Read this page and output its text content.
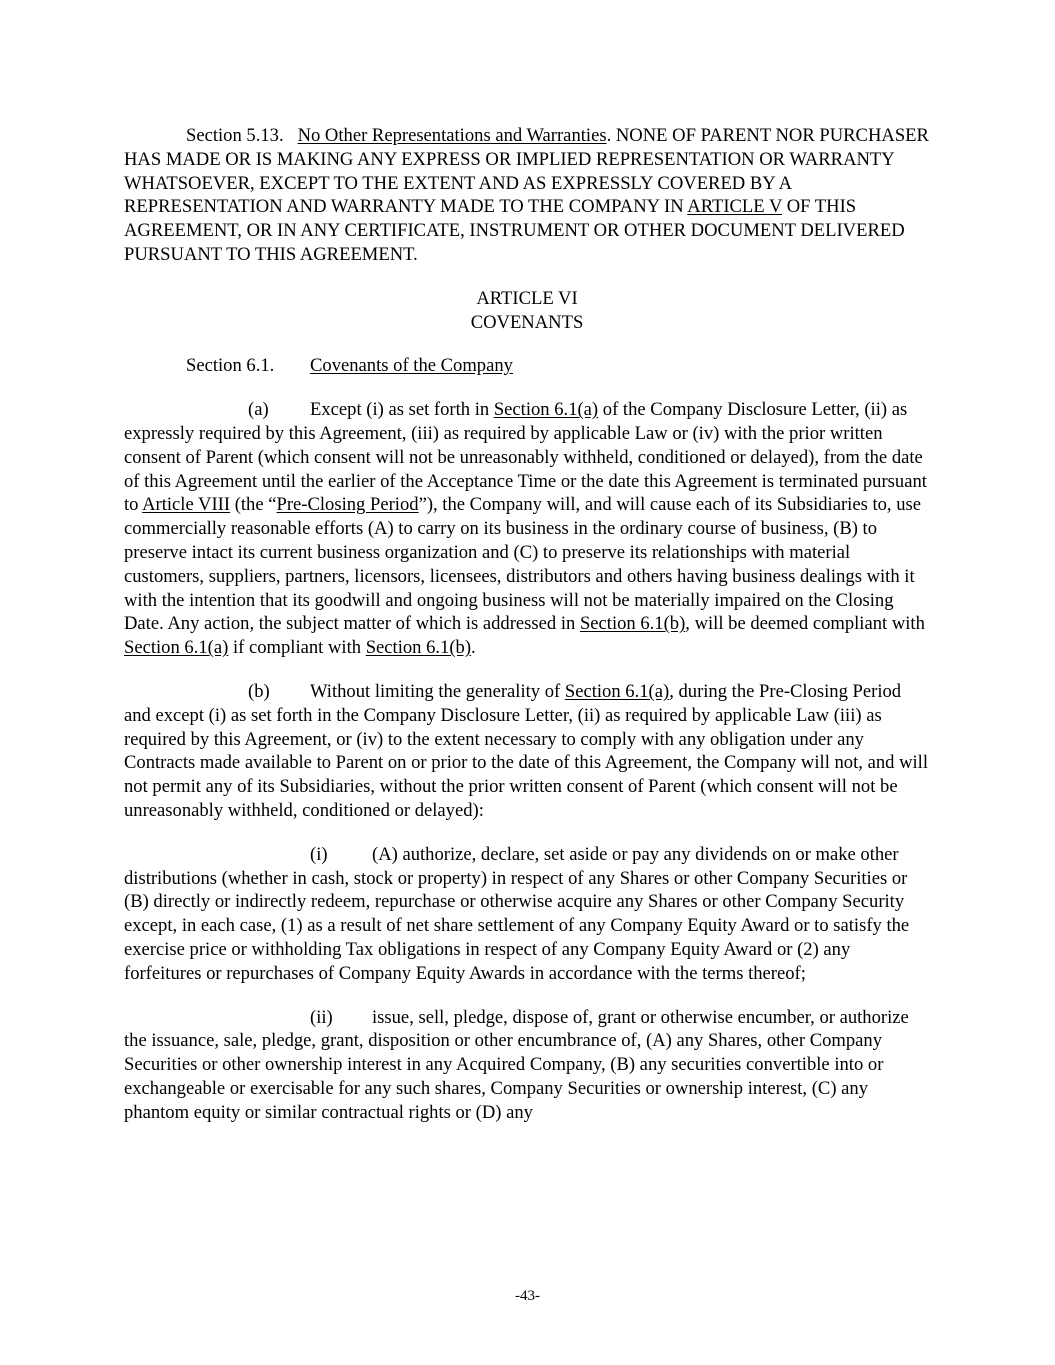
Section 5.13. No Other Representations and Warranties. NONE OF PARENT NOR PURCHASER HAS MADE OR IS MAKING ANY EXPRESS OR IMPLIED REPRESENTATION OR WARRANTY WHATSOEVER, EXCEPT TO THE EXTENT AND AS EXPRESSLY COVERED BY A REPRESENTATION AND WARRANTY MADE TO THE COMPANY IN ARTICLE V OF THIS AGREEMENT, OR IN ANY CERTIFICATE, INSTRUMENT OR OTHER DOCUMENT DELIVERED PURSUANT TO THIS AGREEMENT.

ARTICLE VI

COVENANTS

Section 6.1. Covenants of the Company

(a) Except (i) as set forth in Section 6.1(a) of the Company Disclosure Letter, (ii) as expressly required by this Agreement, (iii) as required by applicable Law or (iv) with the prior written consent of Parent (which consent will not be unreasonably withheld, conditioned or delayed), from the date of this Agreement until the earlier of the Acceptance Time or the date this Agreement is terminated pursuant to Article VIII (the “Pre-Closing Period”), the Company will, and will cause each of its Subsidiaries to, use commercially reasonable efforts (A) to carry on its business in the ordinary course of business, (B) to preserve intact its current business organization and (C) to preserve its relationships with material customers, suppliers, partners, licensors, licensees, distributors and others having business dealings with it with the intention that its goodwill and ongoing business will not be materially impaired on the Closing Date. Any action, the subject matter of which is addressed in Section 6.1(b), will be deemed compliant with Section 6.1(a) if compliant with Section 6.1(b).

(b) Without limiting the generality of Section 6.1(a), during the Pre-Closing Period and except (i) as set forth in the Company Disclosure Letter, (ii) as required by applicable Law (iii) as required by this Agreement, or (iv) to the extent necessary to comply with any obligation under any Contracts made available to Parent on or prior to the date of this Agreement, the Company will not, and will not permit any of its Subsidiaries, without the prior written consent of Parent (which consent will not be unreasonably withheld, conditioned or delayed):

(i) (A) authorize, declare, set aside or pay any dividends on or make other distributions (whether in cash, stock or property) in respect of any Shares or other Company Securities or (B) directly or indirectly redeem, repurchase or otherwise acquire any Shares or other Company Security except, in each case, (1) as a result of net share settlement of any Company Equity Award or to satisfy the exercise price or withholding Tax obligations in respect of any Company Equity Award or (2) any forfeitures or repurchases of Company Equity Awards in accordance with the terms thereof;

(ii) issue, sell, pledge, dispose of, grant or otherwise encumber, or authorize the issuance, sale, pledge, grant, disposition or other encumbrance of, (A) any Shares, other Company Securities or other ownership interest in any Acquired Company, (B) any securities convertible into or exchangeable or exercisable for any such shares, Company Securities or ownership interest, (C) any phantom equity or similar contractual rights or (D) any

-43-
